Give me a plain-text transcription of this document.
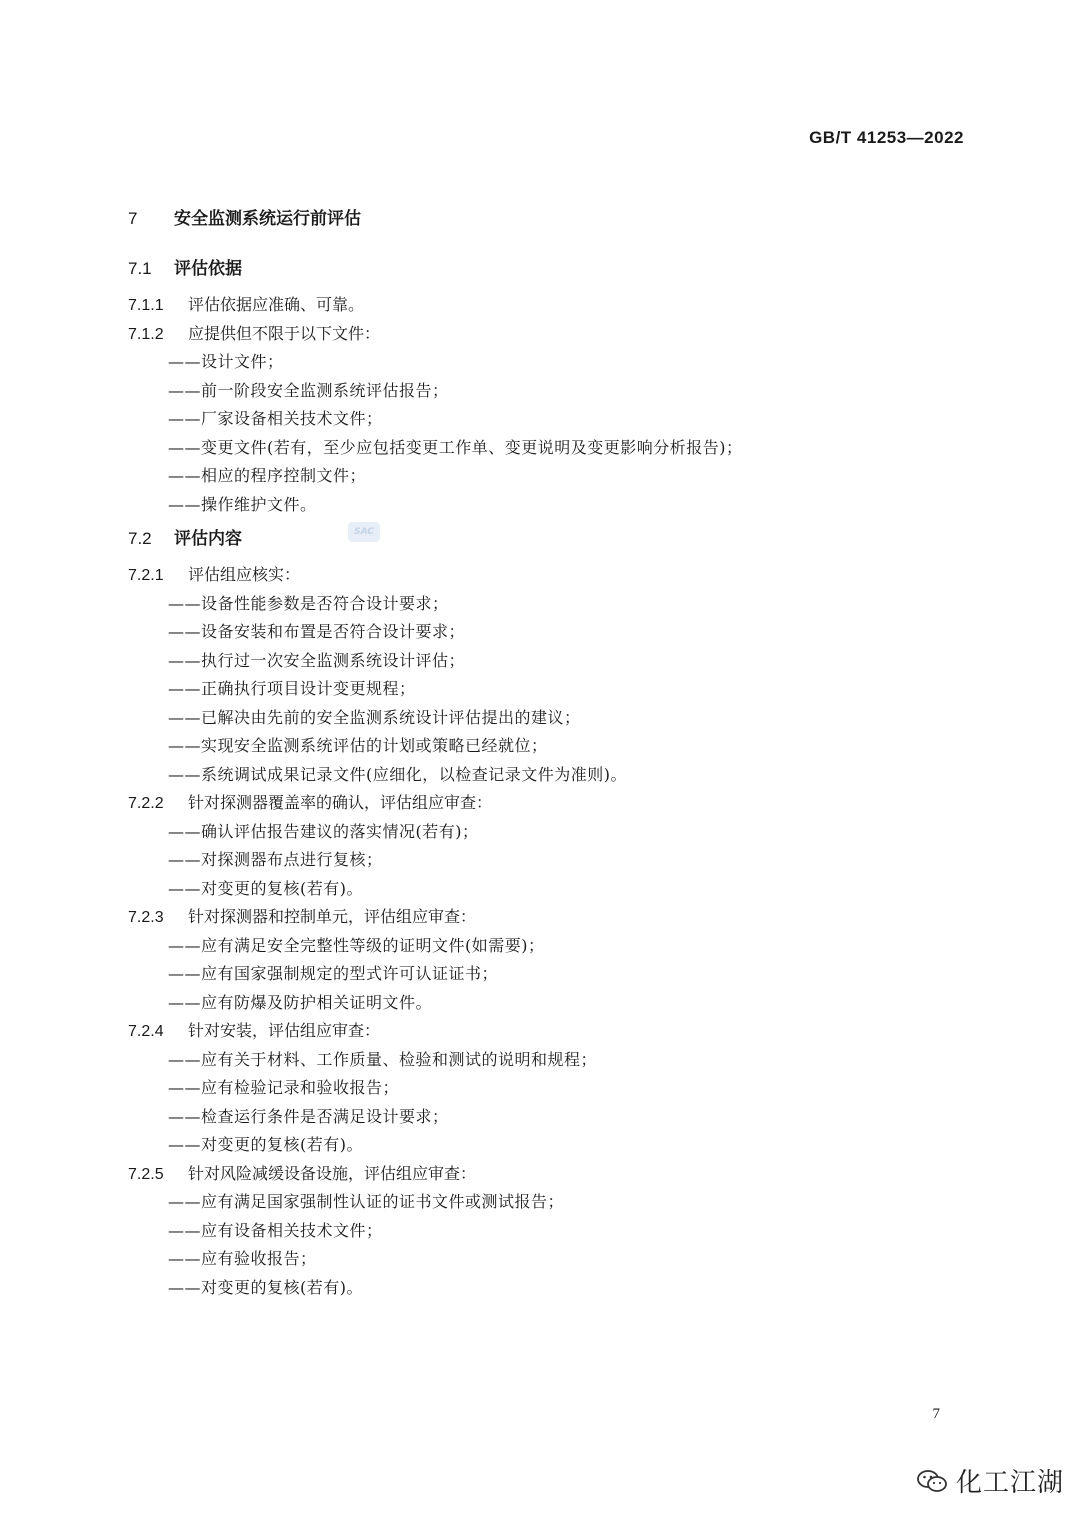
GB/T 41253—2022
SAC
7 安全监测系统运行前评估
7.1 评估依据
7.1.1 评估依据应准确、可靠。
7.1.2 应提供但不限于以下文件：
——设计文件；
——前一阶段安全监测系统评估报告；
——厂家设备相关技术文件；
——变更文件(若有，至少应包括变更工作单、变更说明及变更影响分析报告)；
——相应的程序控制文件；
——操作维护文件。
7.2 评估内容
7.2.1 评估组应核实：
——设备性能参数是否符合设计要求；
——设备安装和布置是否符合设计要求；
——执行过一次安全监测系统设计评估；
——正确执行项目设计变更规程；
——已解决由先前的安全监测系统设计评估提出的建议；
——实现安全监测系统评估的计划或策略已经就位；
——系统调试成果记录文件(应细化，以检查记录文件为准则)。
7.2.2 针对探测器覆盖率的确认，评估组应审查：
——确认评估报告建议的落实情况(若有)；
——对探测器布点进行复核；
——对变更的复核(若有)。
7.2.3 针对探测器和控制单元，评估组应审查：
——应有满足安全完整性等级的证明文件(如需要)；
——应有国家强制规定的型式许可认证证书；
——应有防爆及防护相关证明文件。
7.2.4 针对安装，评估组应审查：
——应有关于材料、工作质量、检验和测试的说明和规程；
——应有检验记录和验收报告；
——检查运行条件是否满足设计要求；
——对变更的复核(若有)。
7.2.5 针对风险减缓设备设施，评估组应审查：
——应有满足国家强制性认证的证书文件或测试报告；
——应有设备相关技术文件；
——应有验收报告；
——对变更的复核(若有)。
7
化工江湖
